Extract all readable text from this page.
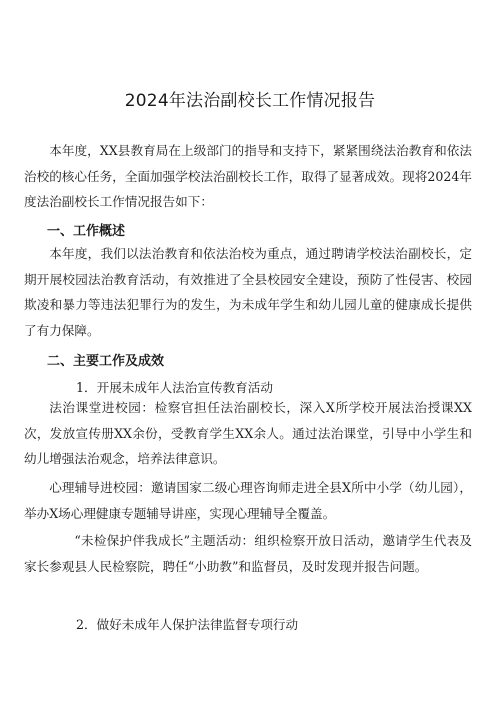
2024年法治副校长工作情况报告
本年度，XX县教育局在上级部门的指导和支持下，紧紧围绕法治教育和依法治校的核心任务，全面加强学校法治副校长工作，取得了显著成效。现将2024年度法治副校长工作情况报告如下：
一、工作概述
本年度，我们以法治教育和依法治校为重点，通过聘请学校法治副校长，定期开展校园法治教育活动，有效推进了全县校园安全建设，预防了性侵害、校园欺凌和暴力等违法犯罪行为的发生，为未成年学生和幼儿园儿童的健康成长提供了有力保障。
二、主要工作及成效
1．开展未成年人法治宣传教育活动
法治课堂进校园：检察官担任法治副校长，深入X所学校开展法治授课XX次，发放宣传册XX余份，受教育学生XX余人。通过法治课堂，引导中小学生和幼儿增强法治观念，培养法律意识。
心理辅导进校园：邀请国家二级心理咨询师走进全县X所中小学（幼儿园），举办X场心理健康专题辅导讲座，实现心理辅导全覆盖。
“未检保护伴我成长”主题活动：组织检察开放日活动，邀请学生代表及家长参观县人民检察院，聘任“小助教”和监督员，及时发现并报告问题。
2．做好未成年人保护法律监督专项行动
